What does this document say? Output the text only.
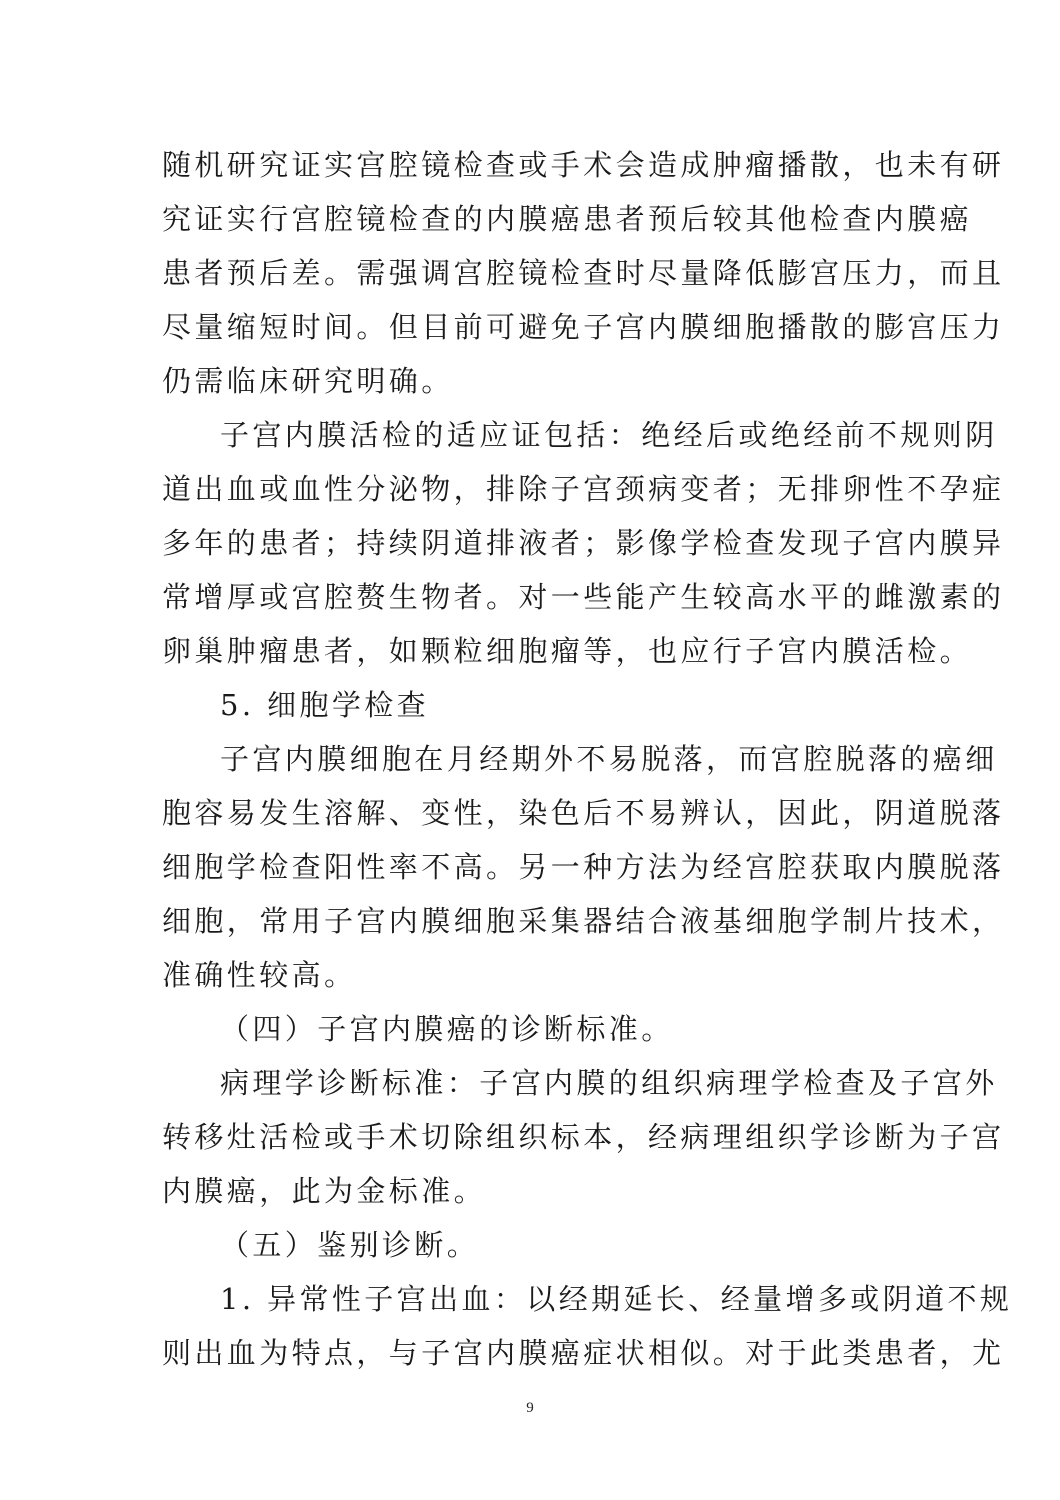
随机研究证实宫腔镜检查或手术会造成肿瘤播散，也未有研
究证实行宫腔镜检查的内膜癌患者预后较其他检查内膜癌
患者预后差。需强调宫腔镜检查时尽量降低膨宫压力，而且
尽量缩短时间。但目前可避免子宫内膜细胞播散的膨宫压力
仍需临床研究明确。
子宫内膜活检的适应证包括：绝经后或绝经前不规则阴
道出血或血性分泌物，排除子宫颈病变者；无排卵性不孕症
多年的患者；持续阴道排液者；影像学检查发现子宫内膜异
常增厚或宫腔赘生物者。对一些能产生较高水平的雌激素的
卵巢肿瘤患者，如颗粒细胞瘤等，也应行子宫内膜活检。
5. 细胞学检查
子宫内膜细胞在月经期外不易脱落，而宫腔脱落的癌细
胞容易发生溶解、变性，染色后不易辨认，因此，阴道脱落
细胞学检查阳性率不高。另一种方法为经宫腔获取内膜脱落
细胞，常用子宫内膜细胞采集器结合液基细胞学制片技术，
准确性较高。
（四）子宫内膜癌的诊断标准。
病理学诊断标准：子宫内膜的组织病理学检查及子宫外
转移灶活检或手术切除组织标本，经病理组织学诊断为子宫
内膜癌，此为金标准。
（五）鉴别诊断。
1. 异常性子宫出血：以经期延长、经量增多或阴道不规
则出血为特点，与子宫内膜癌症状相似。对于此类患者，尤
9
